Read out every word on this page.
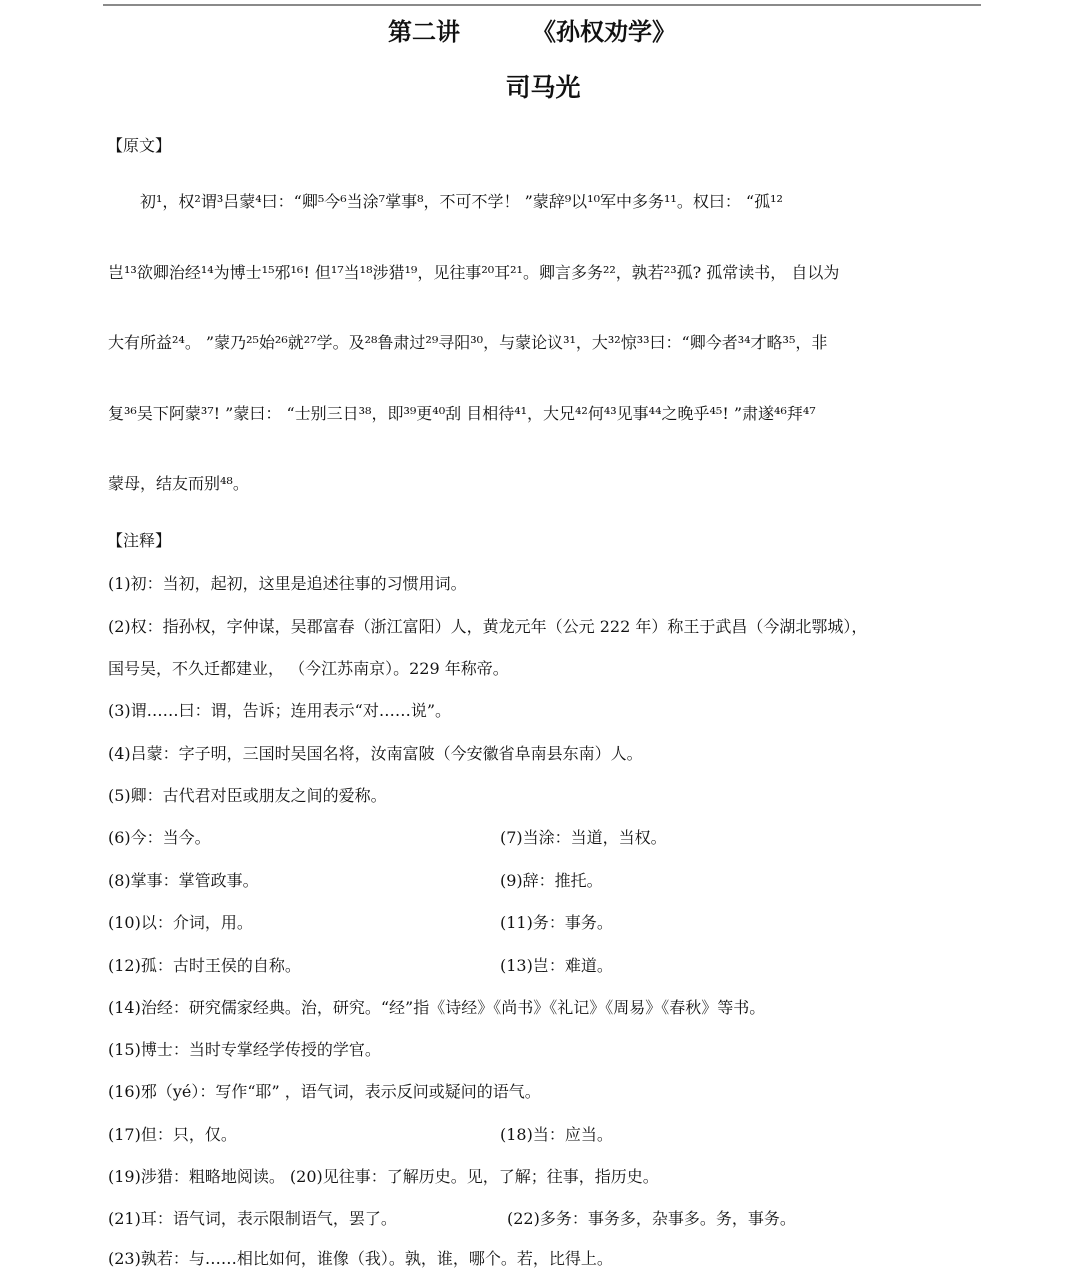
第二讲	《孙权劝学》
司马光
【原文】
初¹，权²谓³吕蒙⁴曰：“卿⁵今⁶当涂⁷掌事⁸，不可不学！ ”蒙辞⁹以¹⁰军中多务¹¹。权曰： “孤¹²
岂¹³欲卿治经¹⁴为博士¹⁵邪¹⁶! 但¹⁷当¹⁸涉猎¹⁹，见往事²⁰耳²¹。卿言多务²²，孰若²³孤? 孤常读书， 自以为
大有所益²⁴。 ”蒙乃²⁵始²⁶就²⁷学。及²⁸鲁肃过²⁹寻阳³⁰，与蒙论议³¹，大³²惊³³曰：“卿今者³⁴才略³⁵，非
复³⁶吴下阿蒙³⁷! ”蒙曰： “士别三日³⁸，即³⁹更⁴⁰刮 目相待⁴¹，大兄⁴²何⁴³见事⁴⁴之晚乎⁴⁵! ”肃遂⁴⁶拜⁴⁷
蒙母，结友而别⁴⁸。
【注释】
(1)初：当初，起初，这里是追述往事的习惯用词。
(2)权：指孙权，字仲谋，吴郡富春（浙江富阳）人，黄龙元年（公元 222 年）称王于武昌（今湖北鄂城），
国号吴，不久迁都建业， （今江苏南京）。229 年称帝。
(3)谓……曰：谓，告诉；连用表示“对……说”。
(4)吕蒙：字子明，三国时吴国名将，汝南富陂（今安徽省阜南县东南）人。
(5)卿：古代君对臣或朋友之间的爱称。
(6)今：当今。	(7)当涂：当道，当权。
(8)掌事：掌管政事。	(9)辞：推托。
(10)以：介词，用。	(11)务：事务。
(12)孤：古时王侯的自称。	(13)岂：难道。
(14)治经：研究儒家经典。治，研究。“经”指《诗经》《尚书》《礼记》《周易》《春秋》等书。
(15)博士：当时专掌经学传授的学官。
(16)邪（yé）：写作“耶” ，语气词，表示反问或疑问的语气。
(17)但：只，仅。	(18)当：应当。
(19)涉猎：粗略地阅读。 (20)见往事：了解历史。见，了解；往事，指历史。
(21)耳：语气词，表示限制语气，罢了。	(22)多务：事务多，杂事多。务，事务。
(23)孰若：与……相比如何，谁像（我）。孰，谁，哪个。若，比得上。
